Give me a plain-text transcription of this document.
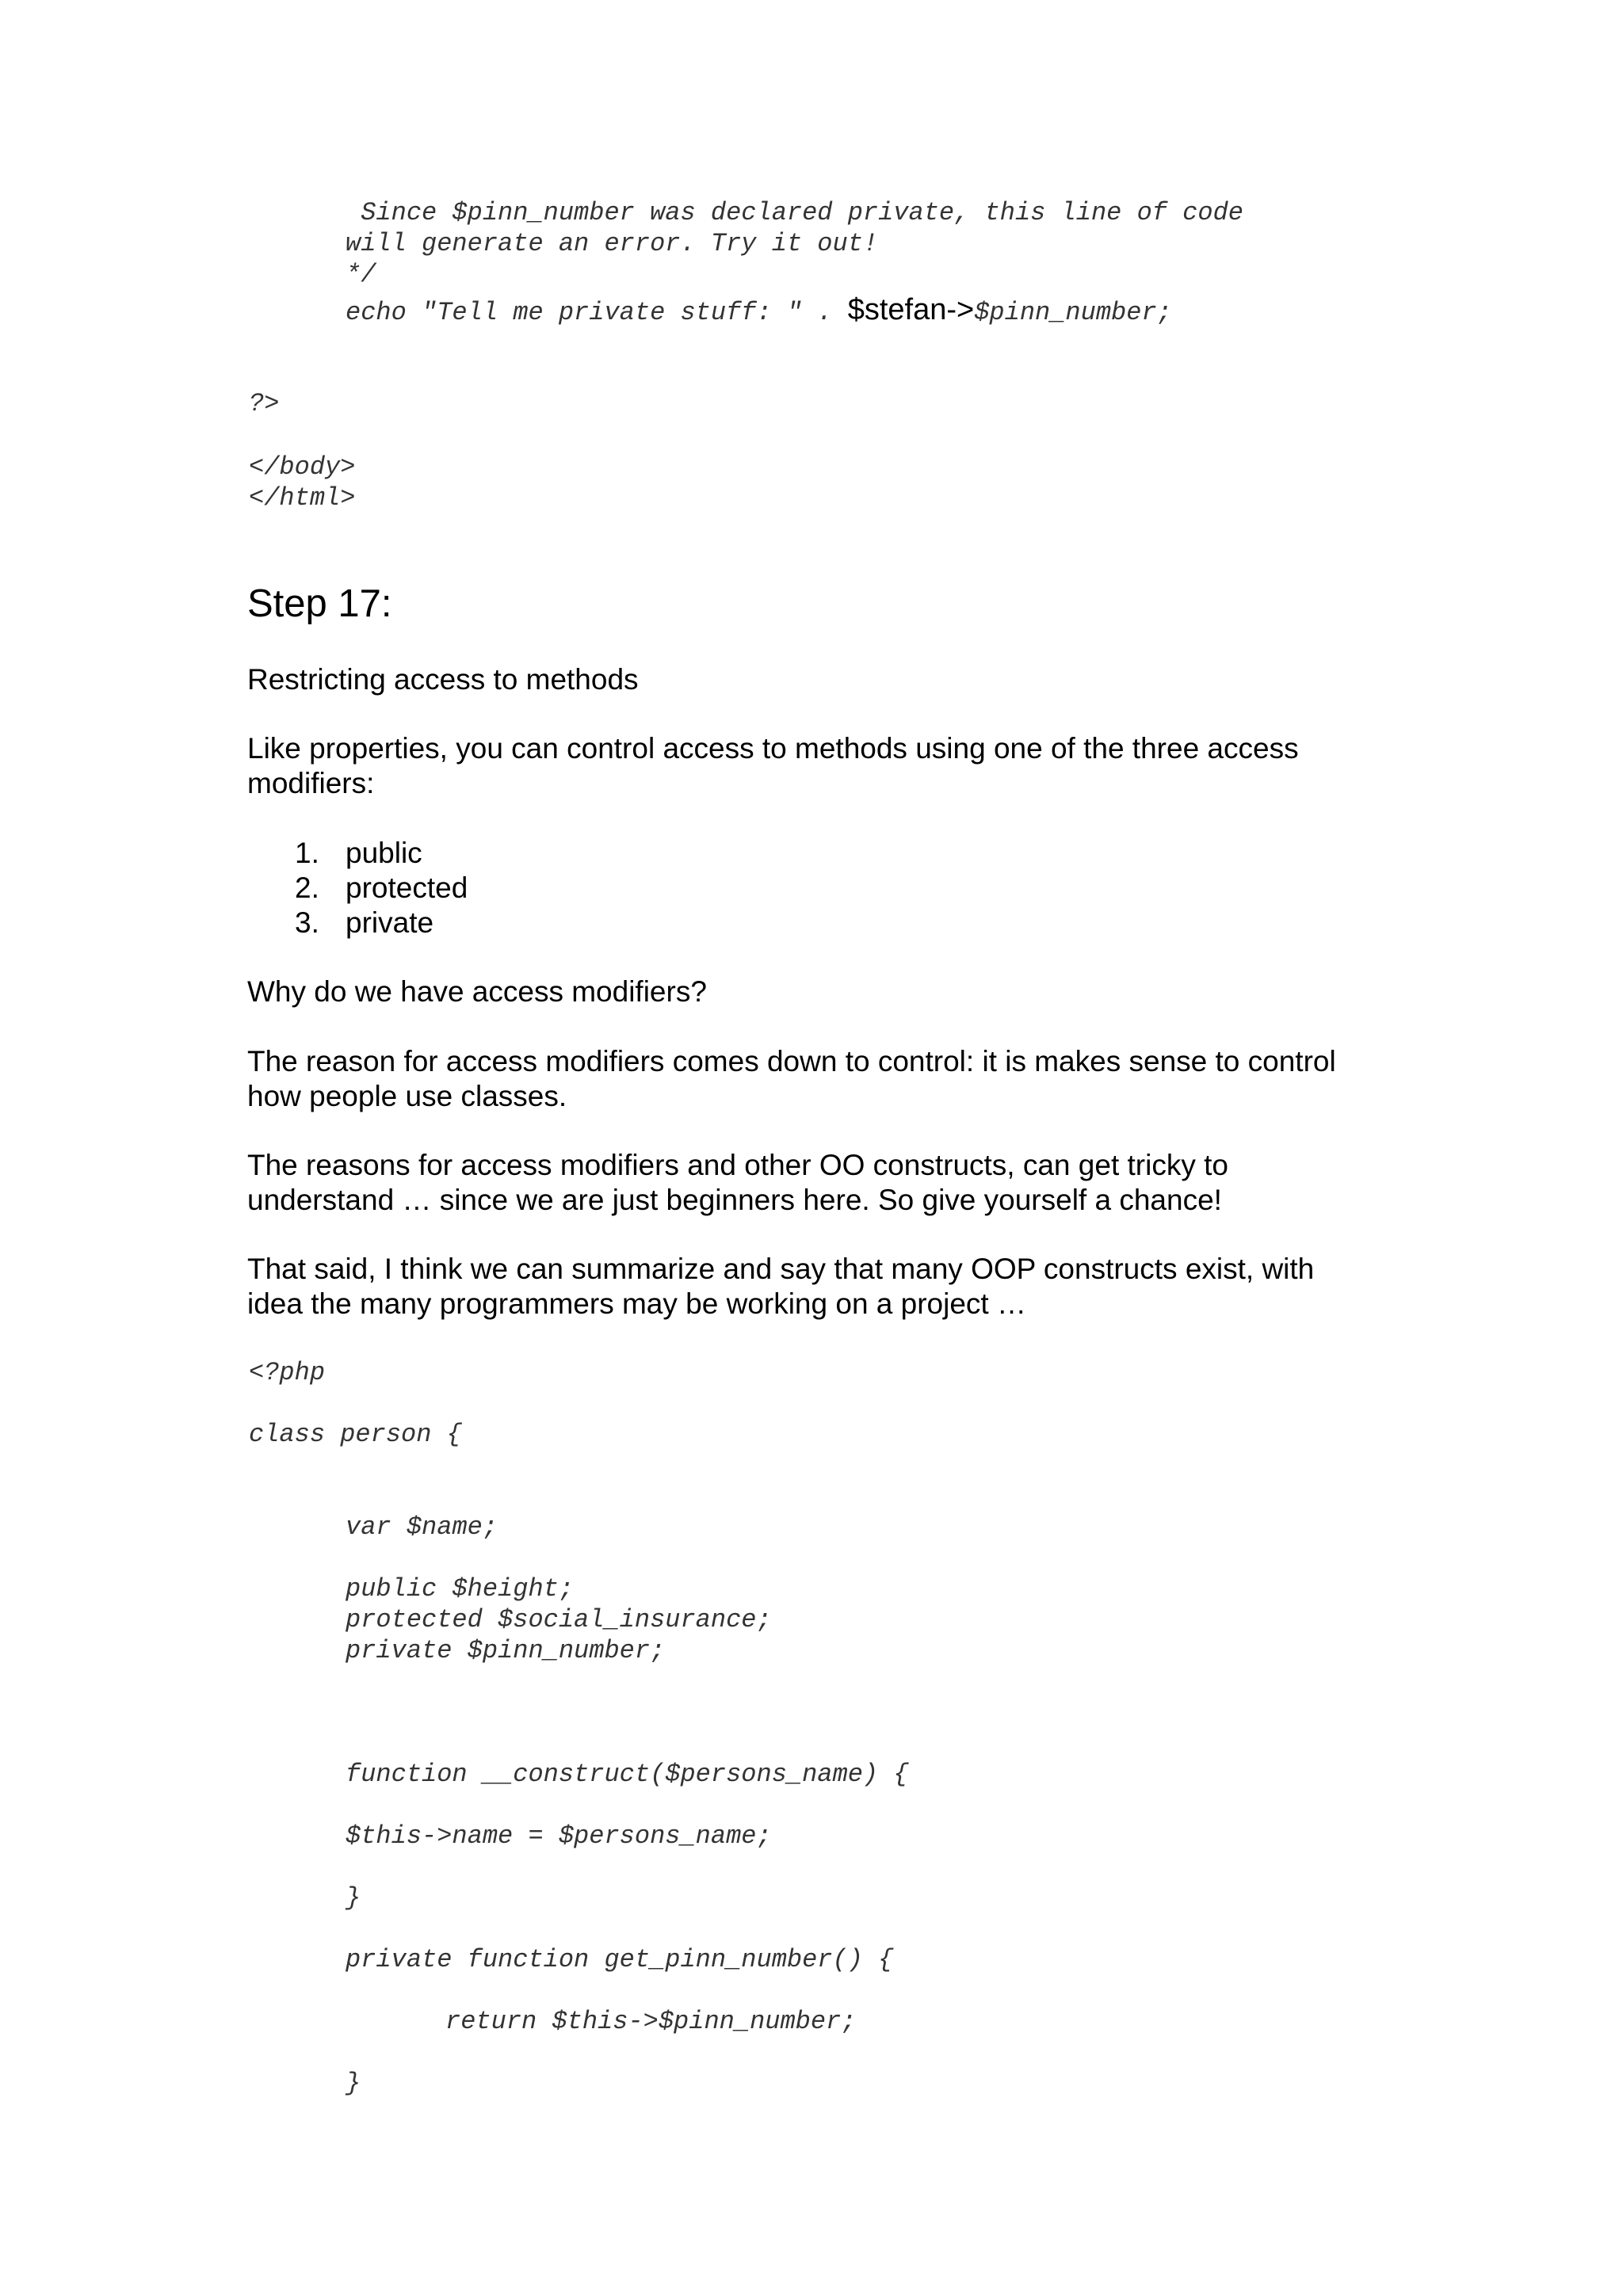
Since $pinn_number was declared private, this line of code
will generate an error. Try it out!
*/
echo "Tell me private stuff: " . $stefan->$pinn_number;
?>
</body>
</html>
Step 17:

Restricting access to methods

Like properties, you can control access to methods using one of the three access
modifiers:

1. public
2. protected
3. private

Why do we have access modifiers?

The reason for access modifiers comes down to control: it is makes sense to control
how people use classes.

The reasons for access modifiers and other OO constructs, can get tricky to
understand … since we are just beginners here. So give yourself a chance!

That said, I think we can summarize and say that many OOP constructs exist, with
idea the many programmers may be working on a project …

<?php
class person {
var $name;
public $height;
protected $social_insurance;
private $pinn_number;
function __construct($persons_name) {
$this->name = $persons_name;
}
private function get_pinn_number() {
return $this->$pinn_number;
}
